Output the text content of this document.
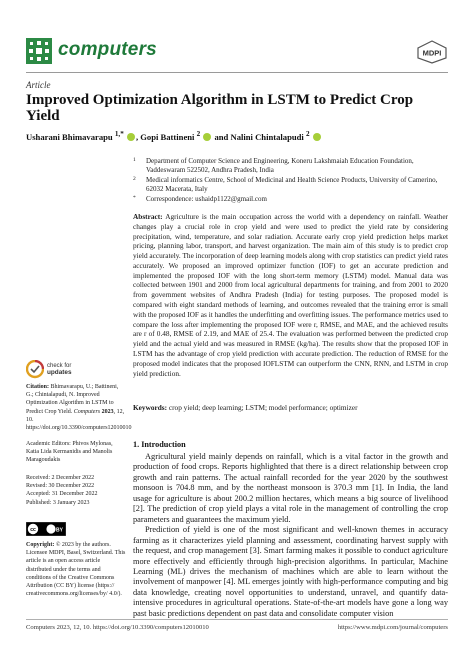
computers	MDPI
Article
Improved Optimization Algorithm in LSTM to Predict Crop Yield
Usharani Bhimavarapu $^{1,*}$ , Gopi Battineni $^2$  and Nalini Chintalapudi $^2$
1 Department of Computer Science and Engineering, Koneru Lakshmaiah Education Foundation, Vaddeswaram 522502, Andhra Pradesh, India
2 Medical informatics Centre, School of Medicinal and Health Science Products, University of Camerino, 62032 Macerata, Italy
* Correspondence: ushaidp1122@gmail.com
Abstract: Agriculture is the main occupation across the world with a dependency on rainfall. Weather changes play a crucial role in crop yield and were used to predict the yield rate by considering precipitation, wind, temperature, and solar radiation. Accurate early crop yield prediction helps market pricing, planning labor, transport, and harvest organization. The main aim of this study is to predict crop yield accurately. The incorporation of deep learning models along with crop statistics can predict yield rates accurately. We proposed an improved optimizer function (IOF) to get an accurate prediction and implemented the proposed IOF with the long short-term memory (LSTM) model. Manual data was collected between 1901 and 2000 from local agricultural departments for training, and from 2001 to 2020 from government websites of Andhra Pradesh (India) for testing purposes. The proposed model is compared with eight standard methods of learning, and outcomes revealed that the training error is small with the proposed IOF as it handles the underfitting and overfitting issues. The performance metrics used to compare the loss after implementing the proposed IOF were r, RMSE, and MAE, and the achieved results are r of 0.48, RMSE of 2.19, and MAE of 25.4. The evaluation was performed between the predicted crop yield and the actual yield and was measured in RMSE (kg/ha). The results show that the proposed IOF in LSTM has the advantage of crop yield prediction with accurate prediction. The reduction of RMSE for the proposed model indicates that the proposed IOFLSTM can outperform the CNN, RNN, and LSTM in crop yield prediction.
Keywords: crop yield; deep learning; LSTM; model performance; optimizer
check for
updates
Citation: Bhimavarapu, U.; Battineni, G.; Chintalapudi, N. Improved Optimization Algorithm in LSTM to Predict Crop Yield. Computers 2023, 12, 10. https://doi.org/10.3390/computers12010010
Academic Editors: Phivos Mylonas, Katia Lida Kermanidis and Manolis Maragoudakis
Received: 2 December 2022
Revised: 30 December 2022
Accepted: 31 December 2022
Published: 3 January 2023
cc	BY
cc BY
Copyright: © 2023 by the authors. Licensee MDPI, Basel, Switzerland. This article is an open access article distributed under the terms and conditions of the Creative Commons Attribution (CC BY) license (https:// creativecommons.org/licenses/by/ 4.0/).
1. Introduction

Agricultural yield mainly depends on rainfall, which is a vital factor in the growth and production of food crops. Reports highlighted that there is a direct relationship between crop growth and rain patterns. The actual rainfall recorded for the year 2020 by the southwest monsoon is 704.8 mm, and by the northeast monsoon is 370.3 mm [1]. In India, the land usage for agriculture is about 200.2 million hectares, which means a big source of livelihood [2]. The prediction of crop yield plays a vital role in the management of controlling the crop parameters and guarantees the maximum yield.

Prediction of yield is one of the most significant and well-known themes in accuracy farming as it characterizes yield planning and assessment, coordinating harvest supply with the request, and crop management [3]. Smart farming makes it possible to conduct agriculture more effectively and efficiently through high-precision algorithms. In particular, Machine Learning (ML) drives the mechanism of machines which are able to learn without the involvement of manpower [4]. ML emerges jointly with high-performance computing and big data knowledge, creating novel opportunities to understand, unravel, and quantify data-intensive procedures in agricultural operations. State-of-the-art models have gone a long way past basic predictions dependent on past data and consolidate computer vision

Computers 2023, 12, 10. https://doi.org/10.3390/computers12010010	https://www.mdpi.com/journal/computers
